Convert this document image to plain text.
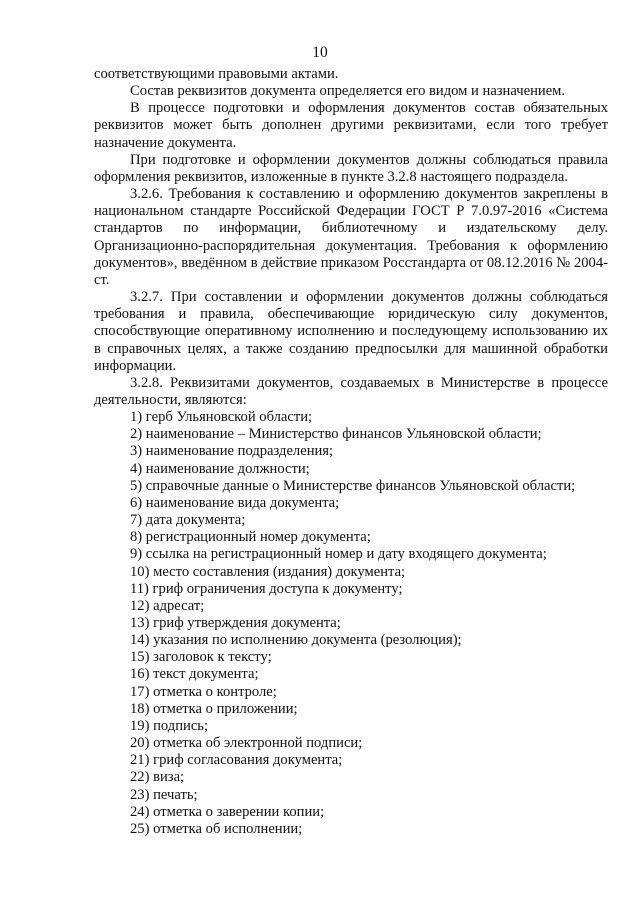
10

соответствующими правовыми актами.

Состав реквизитов документа определяется его видом и назначением.

В процессе подготовки и оформления документов состав обязательных реквизитов может быть дополнен другими реквизитами, если того требует назначение документа.

При подготовке и оформлении документов должны соблюдаться правила оформления реквизитов, изложенные в пункте 3.2.8 настоящего подраздела.

3.2.6. Требования к составлению и оформлению документов закреплены в национальном стандарте Российской Федерации ГОСТ Р 7.0.97-2016 «Система стандартов по информации, библиотечному и издательскому делу. Организационно-распорядительная документация. Требования к оформлению документов», введённом в действие приказом Росстандарта от 08.12.2016 № 2004-ст.

3.2.7. При составлении и оформлении документов должны соблюдаться требования и правила, обеспечивающие юридическую силу документов, способствующие оперативному исполнению и последующему использованию их в справочных целях, а также созданию предпосылки для машинной обработки информации.

3.2.8. Реквизитами документов, создаваемых в Министерстве в процессе деятельности, являются:

1) герб Ульяновской области;
2) наименование – Министерство финансов Ульяновской области;
3) наименование подразделения;
4) наименование должности;
5) справочные данные о Министерстве финансов Ульяновской области;
6) наименование вида документа;
7) дата документа;
8) регистрационный номер документа;
9) ссылка на регистрационный номер и дату входящего документа;
10) место составления (издания) документа;
11) гриф ограничения доступа к документу;
12) адресат;
13) гриф утверждения документа;
14) указания по исполнению документа (резолюция);
15) заголовок к тексту;
16) текст документа;
17) отметка о контроле;
18) отметка о приложении;
19) подпись;
20) отметка об электронной подписи;
21) гриф согласования документа;
22) виза;
23) печать;
24) отметка о заверении копии;
25) отметка об исполнении;
